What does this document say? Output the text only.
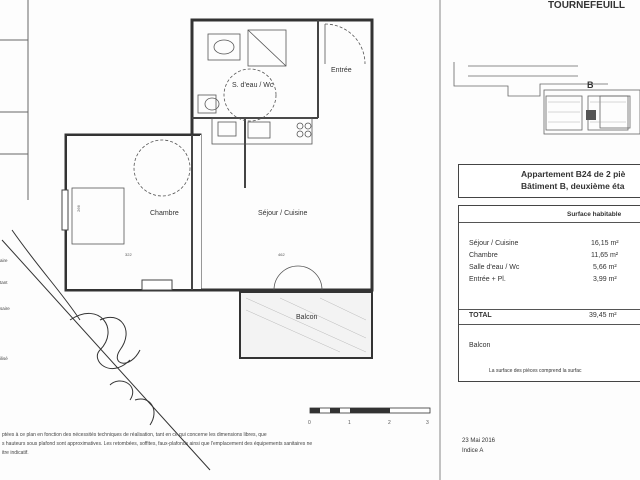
S. d'eau / Wc
Entrée
Chambre	Séjour / Cuisine
Balcon
322	462
266
aire
tant
saire
ilisé
0	1	2	3
ptées à ce plan en fonction des nécessités techniques de réalisation, tant en ce qui concerne les dimensions libres, que
s hauteurs sous plafond sont approximatives. Les retombées, soffites, faux-plafonds ainsi que l'emplacement des équipements sanitaires ne
itre indicatif.
TOURNEFEUILL
B
Appartement B24 de 2 piè
Bâtiment B, deuxième éta
Surface habitable
Séjour / Cuisine	16,15 m²
Chambre	11,65 m²
Salle d'eau / Wc	5,66 m²
Entrée + Pl.	3,99 m²
TOTAL	39,45 m²
Balcon
La surface des pièces comprend la surfac
23 Mai 2016
Indice A
